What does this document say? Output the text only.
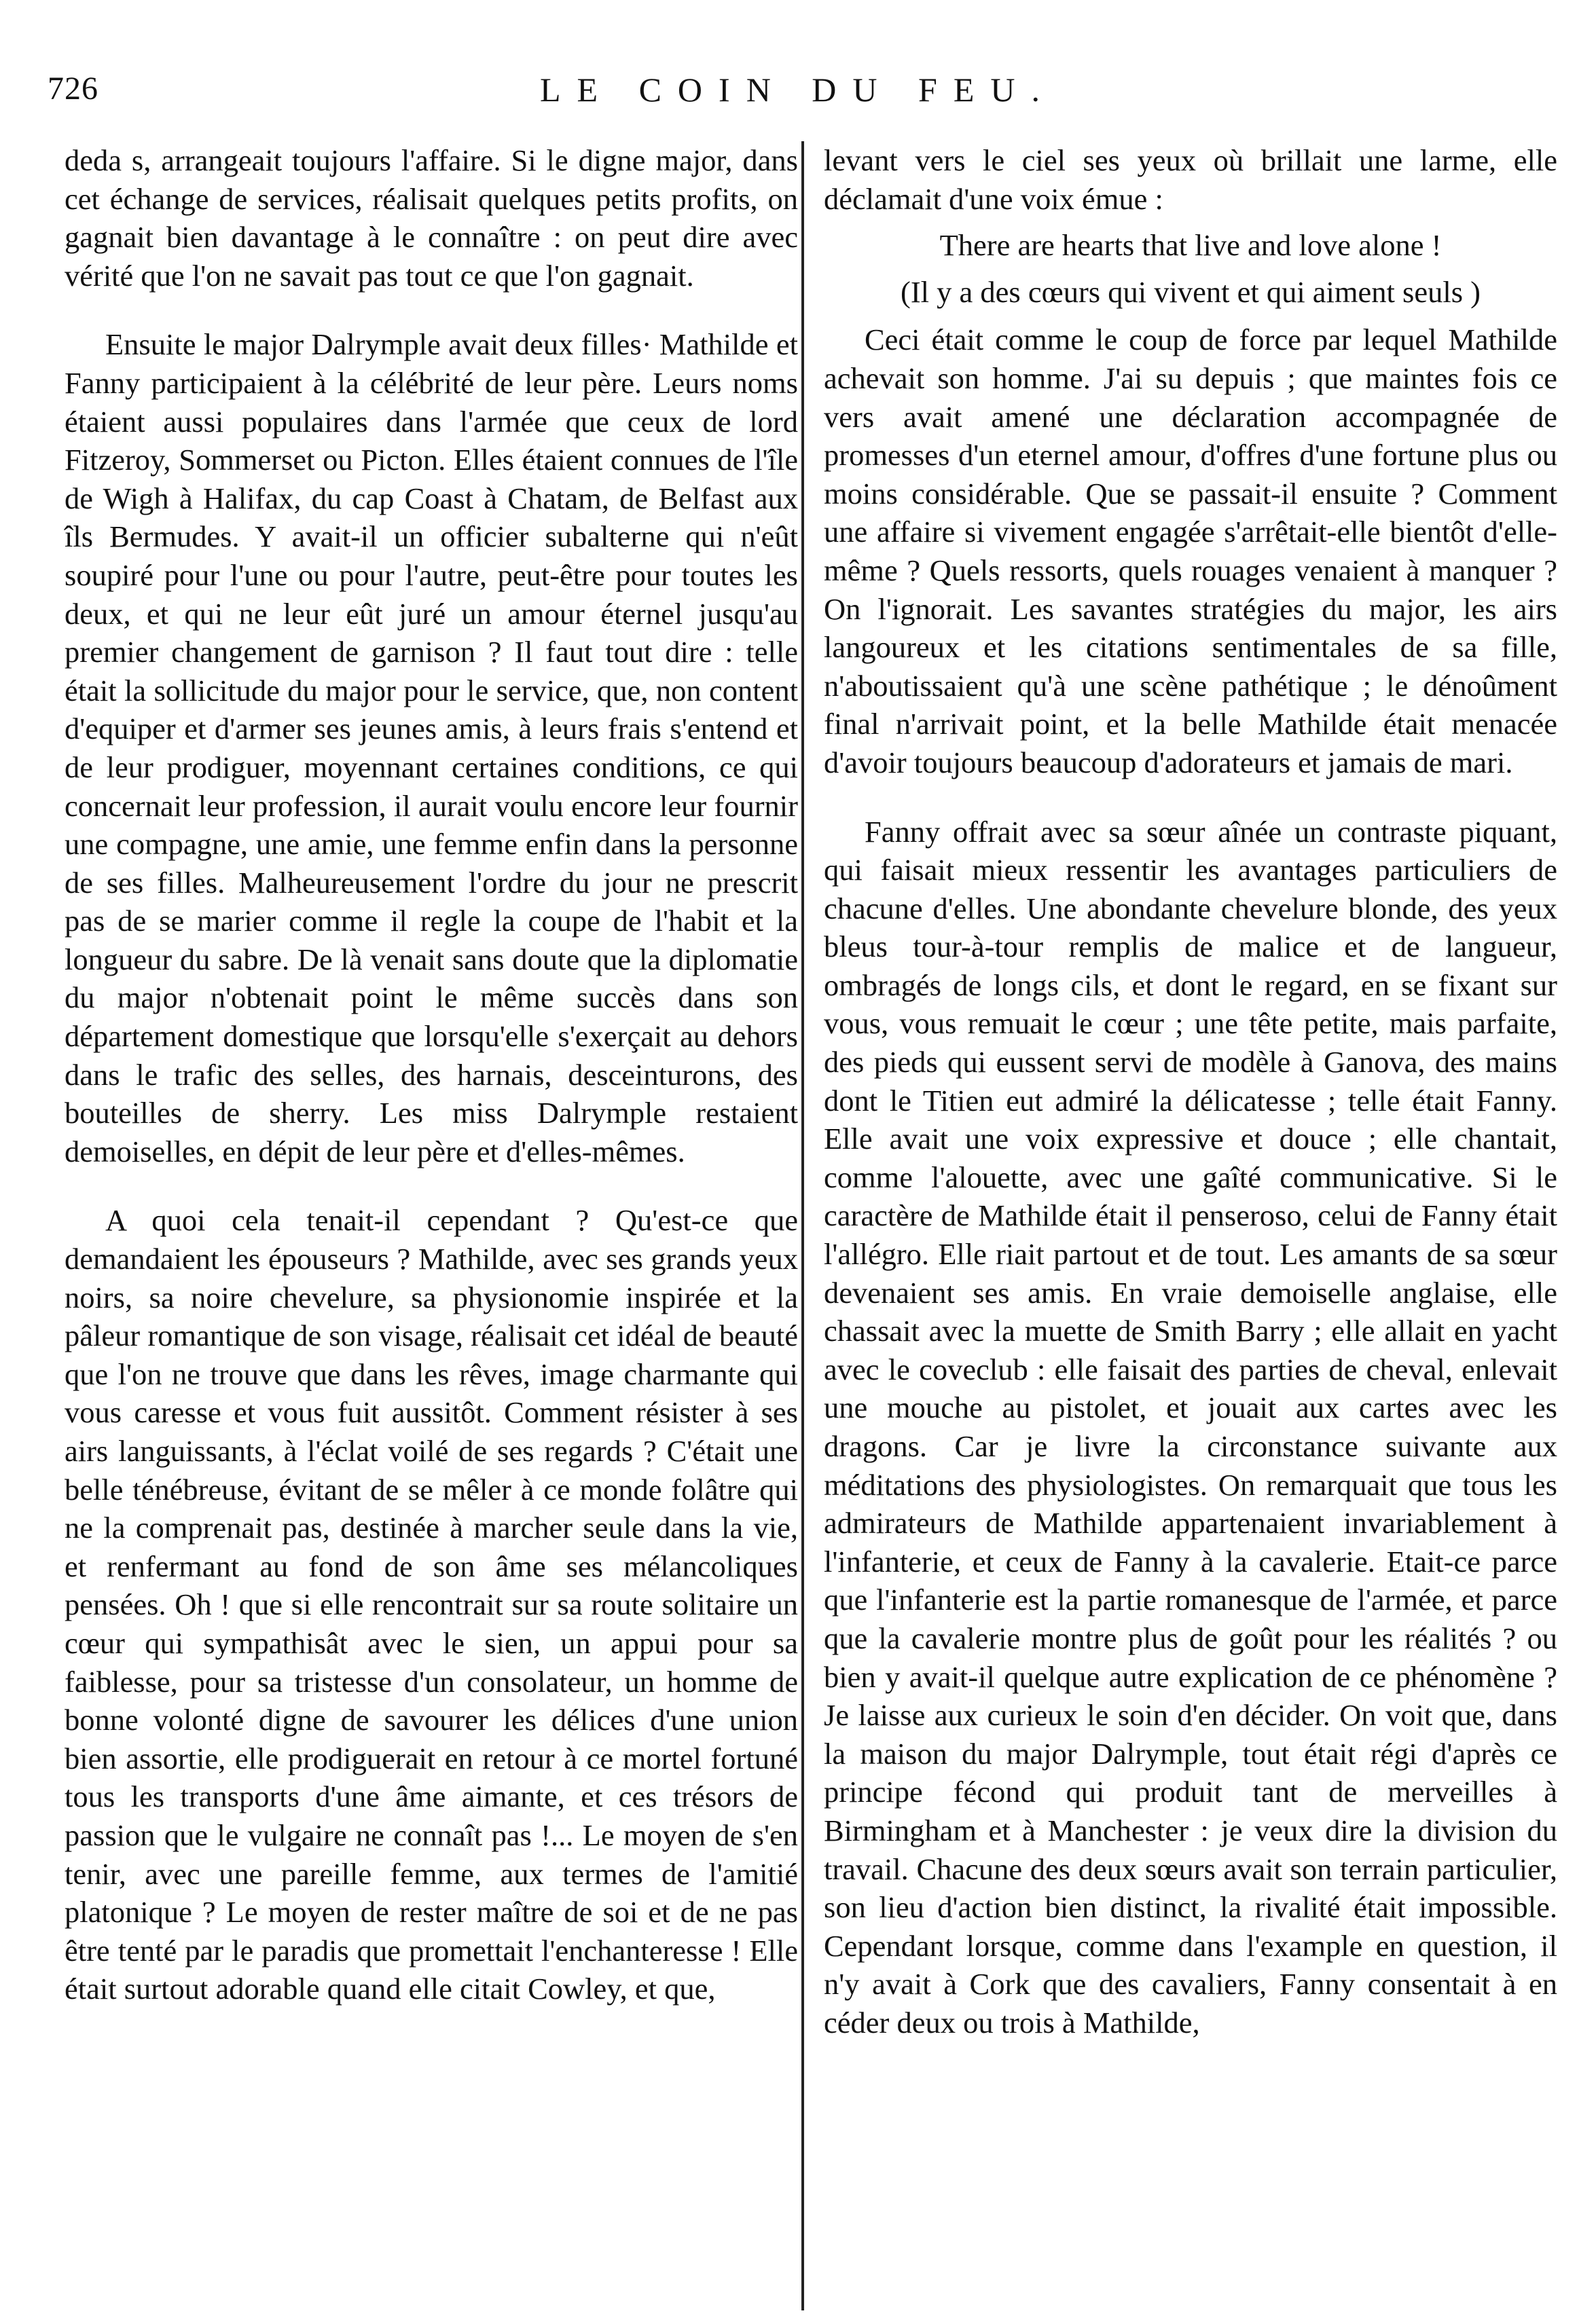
726	LE COIN DU FEU.

deda s, arrangeait toujours l'affaire. Si le digne major, dans cet échange de services, réalisait quelques petits profits, on gagnait bien davantage à le connaître : on peut dire avec vérité que l'on ne savait pas tout ce que l'on gagnait.

Ensuite le major Dalrymple avait deux filles· Mathilde et Fanny participaient à la célébrité de leur père. Leurs noms étaient aussi populaires dans l'armée que ceux de lord Fitzeroy, Sommerset ou Picton. Elles étaient connues de l'île de Wigh à Halifax, du cap Coast à Chatam, de Belfast aux îls Bermudes. Y avait-il un officier subalterne qui n'eût soupiré pour l'une ou pour l'autre, peut-être pour toutes les deux, et qui ne leur eût juré un amour éternel jusqu'au premier changement de garnison ? Il faut tout dire : telle était la sollicitude du major pour le service, que, non content d'equiper et d'armer ses jeunes amis, à leurs frais s'entend et de leur prodiguer, moyennant certaines conditions, ce qui concernait leur profession, il aurait voulu encore leur fournir une compagne, une amie, une femme enfin dans la personne de ses filles. Malheureusement l'ordre du jour ne prescrit pas de se marier comme il regle la coupe de l'habit et la longueur du sabre. De là venait sans doute que la diplomatie du major n'obtenait point le même succès dans son département domestique que lorsqu'elle s'exerçait au dehors dans le trafic des selles, des harnais, desceinturons, des bouteilles de sherry. Les miss Dalrymple restaient demoiselles, en dépit de leur père et d'elles-mêmes.

A quoi cela tenait-il cependant ? Qu'est-ce que demandaient les épouseurs ? Mathilde, avec ses grands yeux noirs, sa noire chevelure, sa physionomie inspirée et la pâleur romantique de son visage, réalisait cet idéal de beauté que l'on ne trouve que dans les rêves, image charmante qui vous caresse et vous fuit aussitôt. Comment résister à ses airs languissants, à l'éclat voilé de ses regards ? C'était une belle ténébreuse, évitant de se mêler à ce monde folâtre qui ne la comprenait pas, destinée à marcher seule dans la vie, et renfermant au fond de son âme ses mélancoliques pensées. Oh ! que si elle rencontrait sur sa route solitaire un cœur qui sympathisât avec le sien, un appui pour sa faiblesse, pour sa tristesse d'un consolateur, un homme de bonne volonté digne de savourer les délices d'une union bien assortie, elle prodiguerait en retour à ce mortel fortuné tous les transports d'une âme aimante, et ces trésors de passion que le vulgaire ne connaît pas !... Le moyen de s'en tenir, avec une pareille femme, aux termes de l'amitié platonique ? Le moyen de rester maître de soi et de ne pas être tenté par le paradis que promettait l'enchanteresse ! Elle était surtout adorable quand elle citait Cowley, et que,

levant vers le ciel ses yeux où brillait une larme, elle déclamait d'une voix émue :

There are hearts that live and love alone !

(Il y a des cœurs qui vivent et qui aiment seuls )

Ceci était comme le coup de force par lequel Mathilde achevait son homme. J'ai su depuis ; que maintes fois ce vers avait amené une déclaration accompagnée de promesses d'un eternel amour, d'offres d'une fortune plus ou moins considérable. Que se passait-il ensuite ? Comment une affaire si vivement engagée s'arrêtait-elle bientôt d'elle-même ? Quels ressorts, quels rouages venaient à manquer ? On l'ignorait. Les savantes stratégies du major, les airs langoureux et les citations sentimentales de sa fille, n'aboutissaient qu'à une scène pathétique ; le dénoûment final n'arrivait point, et la belle Mathilde était menacée d'avoir toujours beaucoup d'adorateurs et jamais de mari.

Fanny offrait avec sa sœur aînée un contraste piquant, qui faisait mieux ressentir les avantages particuliers de chacune d'elles. Une abondante chevelure blonde, des yeux bleus tour-à-tour remplis de malice et de langueur, ombragés de longs cils, et dont le regard, en se fixant sur vous, vous remuait le cœur ; une tête petite, mais parfaite, des pieds qui eussent servi de modèle à Ganova, des mains dont le Titien eut admiré la délicatesse ; telle était Fanny. Elle avait une voix expressive et douce ; elle chantait, comme l'alouette, avec une gaîté communicative. Si le caractère de Mathilde était il penseroso, celui de Fanny était l'allégro. Elle riait partout et de tout. Les amants de sa sœur devenaient ses amis. En vraie demoiselle anglaise, elle chassait avec la muette de Smith Barry ; elle allait en yacht avec le coveclub : elle faisait des parties de cheval, enlevait une mouche au pistolet, et jouait aux cartes avec les dragons. Car je livre la circonstance suivante aux méditations des physiologistes. On remarquait que tous les admirateurs de Mathilde appartenaient invariablement à l'infanterie, et ceux de Fanny à la cavalerie. Etait-ce parce que l'infanterie est la partie romanesque de l'armée, et parce que la cavalerie montre plus de goût pour les réalités ? ou bien y avait-il quelque autre explication de ce phénomène ? Je laisse aux curieux le soin d'en décider. On voit que, dans la maison du major Dalrymple, tout était régi d'après ce principe fécond qui produit tant de merveilles à Birmingham et à Manchester : je veux dire la division du travail. Chacune des deux sœurs avait son terrain particulier, son lieu d'action bien distinct, la rivalité était impossible. Cependant lorsque, comme dans l'example en question, il n'y avait à Cork que des cavaliers, Fanny consentait à en céder deux ou trois à Mathilde,
